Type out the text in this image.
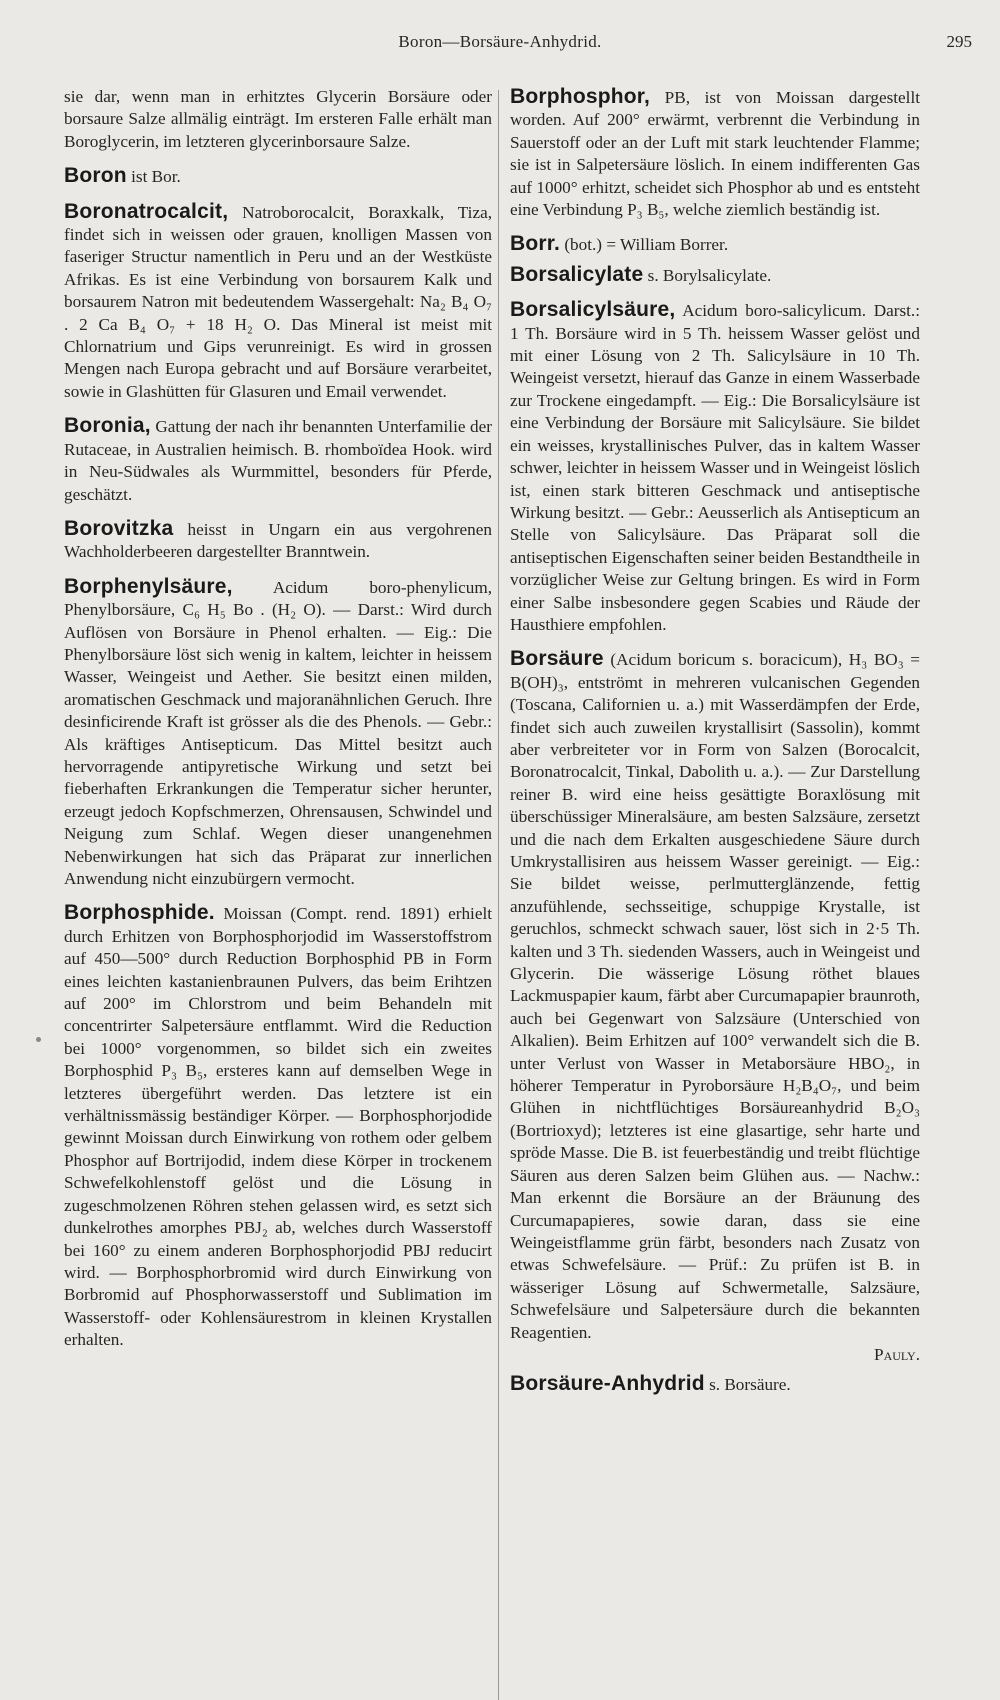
Boron—Borsäure-Anhydrid.	295

sie dar, wenn man in erhitztes Glycerin Borsäure oder borsaure Salze allmälig einträgt. Im ersteren Falle erhält man Boroglycerin, im letzteren glycerinborsaure Salze.

Boron ist Bor.

Boronatrocalcit, Natroborocalcit, Boraxkalk, Tiza, findet sich in weissen oder grauen, knolligen Massen von faseriger Structur namentlich in Peru und an der Westküste Afrikas. Es ist eine Verbindung von borsaurem Kalk und borsaurem Natron mit bedeutendem Wassergehalt: Na₂ B₄ O₇ . 2 Ca B₄ O₇ + 18 H₂ O. Das Mineral ist meist mit Chlornatrium und Gips verunreinigt. Es wird in grossen Mengen nach Europa gebracht und auf Borsäure verarbeitet, sowie in Glashütten für Glasuren und Email verwendet.

Boronia, Gattung der nach ihr benannten Unterfamilie der Rutaceae, in Australien heimisch. B. rhomboïdea Hook. wird in Neu-Südwales als Wurmmittel, besonders für Pferde, geschätzt.

Borovitzka heisst in Ungarn ein aus vergohrenen Wachholderbeeren dargestellter Branntwein.

Borphenylsäure, Acidum boro-phenylicum, Phenylborsäure, C₆ H₅ Bo . (H₂ O). — Darst.: Wird durch Auflösen von Borsäure in Phenol erhalten. — Eig.: Die Phenylborsäure löst sich wenig in kaltem, leichter in heissem Wasser, Weingeist und Aether. Sie besitzt einen milden, aromatischen Geschmack und majoranähnlichen Geruch. Ihre desinficirende Kraft ist grösser als die des Phenols. — Gebr.: Als kräftiges Antisepticum. Das Mittel besitzt auch hervorragende antipyretische Wirkung und setzt bei fieberhaften Erkrankungen die Temperatur sicher herunter, erzeugt jedoch Kopfschmerzen, Ohrensausen, Schwindel und Neigung zum Schlaf. Wegen dieser unangenehmen Nebenwirkungen hat sich das Präparat zur innerlichen Anwendung nicht einzubürgern vermocht.

Borphosphide. Moissan (Compt. rend. 1891) erhielt durch Erhitzen von Borphosphorjodid im Wasserstoffstrom auf 450—500° durch Reduction Borphosphid PB in Form eines leichten kastanienbraunen Pulvers, das beim Erihtzen auf 200° im Chlorstrom und beim Behandeln mit concentrirter Salpetersäure entflammt. Wird die Reduction bei 1000° vorgenommen, so bildet sich ein zweites Borphosphid P₃ B₅, ersteres kann auf demselben Wege in letzteres übergeführt werden. Das letztere ist ein verhältnissmässig beständiger Körper. — Borphosphorjodide gewinnt Moissan durch Einwirkung von rothem oder gelbem Phosphor auf Bortrijodid, indem diese Körper in trockenem Schwefelkohlenstoff gelöst und die Lösung in zugeschmolzenen Röhren stehen gelassen wird, es setzt sich dunkelrothes amorphes PBJ₂ ab, welches durch Wasserstoff bei 160° zu einem anderen Borphosphorjodid PBJ reducirt wird. — Borphosphorbromid wird durch Einwirkung von Borbromid auf Phosphorwasserstoff und Sublimation im Wasserstoff- oder Kohlensäurestrom in kleinen Krystallen erhalten.

Borphosphor, PB, ist von Moissan dargestellt worden. Auf 200° erwärmt, verbrennt die Verbindung in Sauerstoff oder an der Luft mit stark leuchtender Flamme; sie ist in Salpetersäure löslich. In einem indifferenten Gas auf 1000° erhitzt, scheidet sich Phosphor ab und es entsteht eine Verbindung P₃ B₅, welche ziemlich beständig ist.

Borr. (bot.) = William Borrer.

Borsalicylate s. Borylsalicylate.

Borsalicylsäure, Acidum boro-salicylicum. Darst.: 1 Th. Borsäure wird in 5 Th. heissem Wasser gelöst und mit einer Lösung von 2 Th. Salicylsäure in 10 Th. Weingeist versetzt, hierauf das Ganze in einem Wasserbade zur Trockene eingedampft. — Eig.: Die Borsalicylsäure ist eine Verbindung der Borsäure mit Salicylsäure. Sie bildet ein weisses, krystallinisches Pulver, das in kaltem Wasser schwer, leichter in heissem Wasser und in Weingeist löslich ist, einen stark bitteren Geschmack und antiseptische Wirkung besitzt. — Gebr.: Aeusserlich als Antisepticum an Stelle von Salicylsäure. Das Präparat soll die antiseptischen Eigenschaften seiner beiden Bestandtheile in vorzüglicher Weise zur Geltung bringen. Es wird in Form einer Salbe insbesondere gegen Scabies und Räude der Hausthiere empfohlen.

Borsäure (Acidum boricum s. boracicum), H₃ BO₃ = B(OH)₃, entströmt in mehreren vulcanischen Gegenden (Toscana, Californien u. a.) mit Wasserdämpfen der Erde, findet sich auch zuweilen krystallisirt (Sassolin), kommt aber verbreiteter vor in Form von Salzen (Borocalcit, Boronatrocalcit, Tinkal, Dabolith u. a.). — Zur Darstellung reiner B. wird eine heiss gesättigte Boraxlösung mit überschüssiger Mineralsäure, am besten Salzsäure, zersetzt und die nach dem Erkalten ausgeschiedene Säure durch Umkrystallisiren aus heissem Wasser gereinigt. — Eig.: Sie bildet weisse, perlmutterglänzende, fettig anzufühlende, sechsseitige, schuppige Krystalle, ist geruchlos, schmeckt schwach sauer, löst sich in 2·5 Th. kalten und 3 Th. siedenden Wassers, auch in Weingeist und Glycerin. Die wässerige Lösung röthet blaues Lackmuspapier kaum, färbt aber Curcumapapier braunroth, auch bei Gegenwart von Salzsäure (Unterschied von Alkalien). Beim Erhitzen auf 100° verwandelt sich die B. unter Verlust von Wasser in Metaborsäure HBO₂, in höherer Temperatur in Pyroborsäure H₂B₄O₇, und beim Glühen in nichtflüchtiges Borsäureanhydrid B₂O₃ (Bortrioxyd); letzteres ist eine glasartige, sehr harte und spröde Masse. Die B. ist feuerbeständig und treibt flüchtige Säuren aus deren Salzen beim Glühen aus. — Nachw.: Man erkennt die Borsäure an der Bräunung des Curcumapapieres, sowie daran, dass sie eine Weingeistflamme grün färbt, besonders nach Zusatz von etwas Schwefelsäure. — Prüf.: Zu prüfen ist B. in wässeriger Lösung auf Schwermetalle, Salzsäure, Schwefelsäure und Salpetersäure durch die bekannten Reagentien.
Pauly.

Borsäure-Anhydrid s. Borsäure.
